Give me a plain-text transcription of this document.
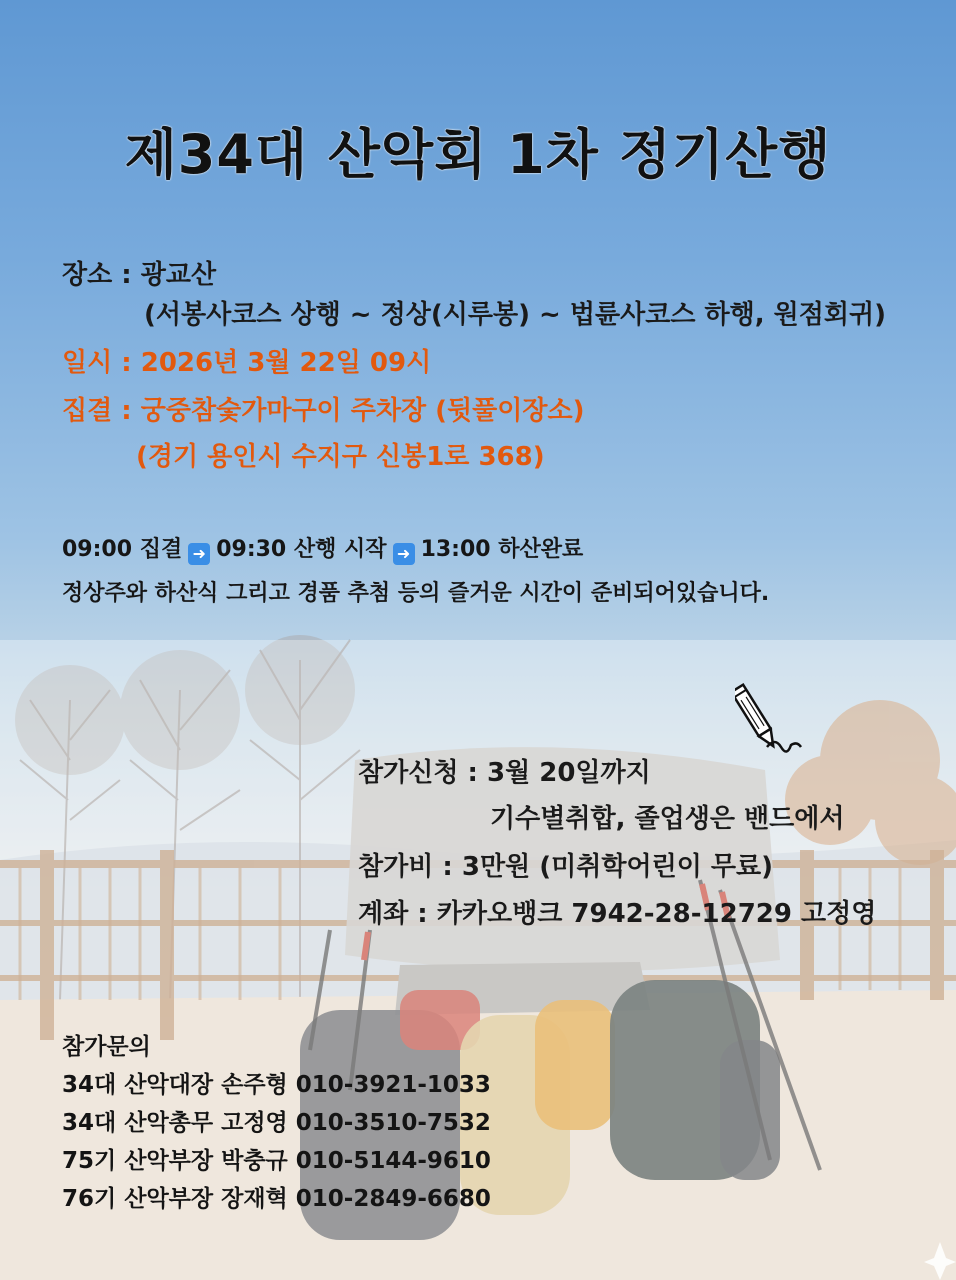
제34대 산악회 1차 정기산행
장소 : 광교산
(서봉사코스 상행 ~ 정상(시루봉) ~ 법륜사코스 하행, 원점회귀)
일시 : 2026년 3월 22일 09시
집결 : 궁중참숯가마구이 주차장 (뒷풀이장소)
(경기 용인시 수지구 신봉1로 368)
09:00 집결 ➜ 09:30 산행 시작 ➜ 13:00 하산완료
정상주와 하산식 그리고 경품 추첨 등의 즐거운 시간이 준비되어있습니다.
참가신청 : 3월 20일까지
기수별취합, 졸업생은 밴드에서
참가비 : 3만원 (미취학어린이 무료)
계좌 : 카카오뱅크 7942-28-12729 고정영
참가문의
34대 산악대장 손주형 010-3921-1033
34대 산악총무 고정영 010-3510-7532
75기 산악부장 박충규 010-5144-9610
76기 산악부장 장재혁 010-2849-6680
